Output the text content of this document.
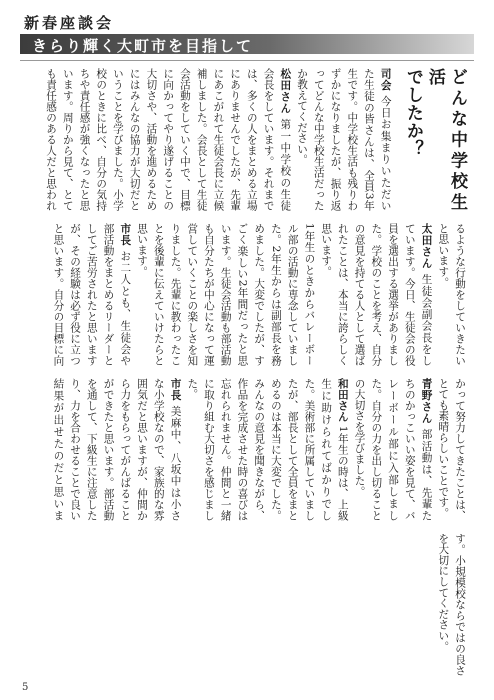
新春座談会
きらり輝く大町市を目指して
どんな中学校生活
でしたか？

司会 今日お集まりいただいた生徒の皆さんは、全員3年生です。中学校生活も残りわずかになりましたが、振り返ってどんな中学校生活だったか教えてください。

松田さん 第一中学校の生徒会長をしています。それまでは、多くの人をまとめる立場にありませんでしたが、先輩にあこがれて生徒会長に立候補しました。会長として生徒会活動をしていく中で、目標に向かってやり遂げることの大切さや、活動を進めるためにはみんなの協力が大切だということを学びました。小学校のときに比べ、自分の気持ちや責任感が強くなったと思います。周りから見て、とても責任感のある人だと思われるような行動をしていきたいと思います。

太田さん 生徒会副会長をしています。今日、生徒会の役員を選出する選挙がありました。学校のことを考え、自分の意見を持てる人として選ばれたことは、本当に誇らしく思います。

1年生のときからバレーボール部の活動に専念していました。2年生からは副部長を務めました。大変でしたが、すごく楽しい2年間だったと思います。生徒会活動も部活動も自分たちが中心になって運営していくことの楽しさを知りました。先輩に教わったことを後輩に伝えていけたらと思います。

市長 お二人とも、生徒会や部活動をまとめるリーダーとしてご苦労されたと思いますが、その経験は必ず役に立つと思います。自分の目標に向かって努力してきたことは、とても素晴らしいことです。

青野さん 部活動は、先輩たちのかっこいい姿を見て、バレーボール部に入部しました。自分の力を出し切ることの大切さを学びました。

和田さん 1年生の時は、上級生に助けられてばかりでした。美術部に所属していましたが、部長として全員をまとめるのは本当に大変でした。みんなの意見を聞きながら、作品を完成させた時の喜びは忘れられません。仲間と一緒に取り組む大切さを感じました。

市長 美麻中、八坂中は小さな小学校なので、家族的な雰囲気だと思いますが、仲間から力をもらってがんばることができたと思います。部活動を通して、下級生に注意したり、力を合わせることで良い結果が出せたのだと思います。小規模校ならではの良さを大切にしてください。

5
